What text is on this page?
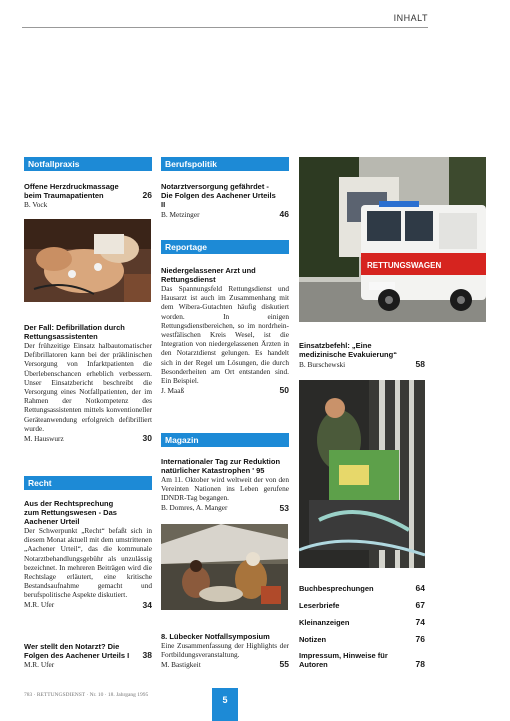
INHALT
Notfallpraxis
Offene Herzdruckmassage beim Traumapatienten	26
B. Vock
Der Fall: Defibrillation durch Rettungsassistenten
Der frühzeitige Einsatz halbautomatischer Defibrillatoren kann bei der präklinischen Versorgung von Infarktpatienten die Überlebenschancen erheblich verbessern. Unser Einsatzbericht beschreibt die Versorgung eines Notfallpatienten, der im Rahmen der Notkompetenz des Rettungsassistenten mittels konventioneller Geräteanwendung erfolgreich defibrilliert wurde.
M. Hauswurz	30
Recht
Aus der Rechtsprechung zum Rettungswesen - Das Aachener Urteil
Der Schwerpunkt „Recht“ befaßt sich in diesem Monat aktuell mit dem umstrittenen „Aachener Urteil“, das die kommunale Notarztbehandlungsgebühr als unzulässig bezeichnet. In mehreren Beiträgen wird die Rechtslage erläutert, eine kritische Bestandsaufnahme gemacht und berufspolitische Aspekte diskutiert.
M.R. Ufer	34
Wer stellt den Notarzt? Die Folgen des Aachener Urteils I	38
M.R. Ufer
Berufspolitik
Notarztversorgung gefährdet - Die Folgen des Aachener Urteils II
B. Metzinger	46
Reportage
Niedergelassener Arzt und Rettungsdienst
Das Spannungsfeld Rettungsdienst und Hausarzt ist auch im Zusammenhang mit dem Wibera-Gutachten häufig diskutiert worden. In einigen Rettungsdienstbereichen, so im nordrhein-westfälischen Kreis Wesel, ist die Integration von niedergelassenen Ärzten in den Notarztdienst gelungen. Es handelt sich in der Regel um Lösungen, die durch Besonderheiten am Ort entstanden sind. Ein Beispiel.
J. Maaß	50
Magazin
Internationaler Tag zur Reduktion natürlicher Katastrophen ' 95
Am 11. Oktober wird weltweit der von den Vereinten Nationen ins Leben gerufene IDNDR-Tag begangen.
B. Domres, A. Manger	53
8. Lübecker Notfallsymposium
Eine Zusammenfassung der Highlights der Fortbildungsveranstaltung.
M. Bastigkeit	55
RETTUNGSWAGEN
Einsatzbefehl: „Eine medizinische Evakuierung“
B. Burschewski	58
Buchbesprechungen	64
Leserbriefe	67
Kleinanzeigen	74
Notizen	76
Impressum, Hinweise für Autoren	78
783 · RETTUNGSDIENST · Nr. 10 · 18. Jahrgang 1995	5
